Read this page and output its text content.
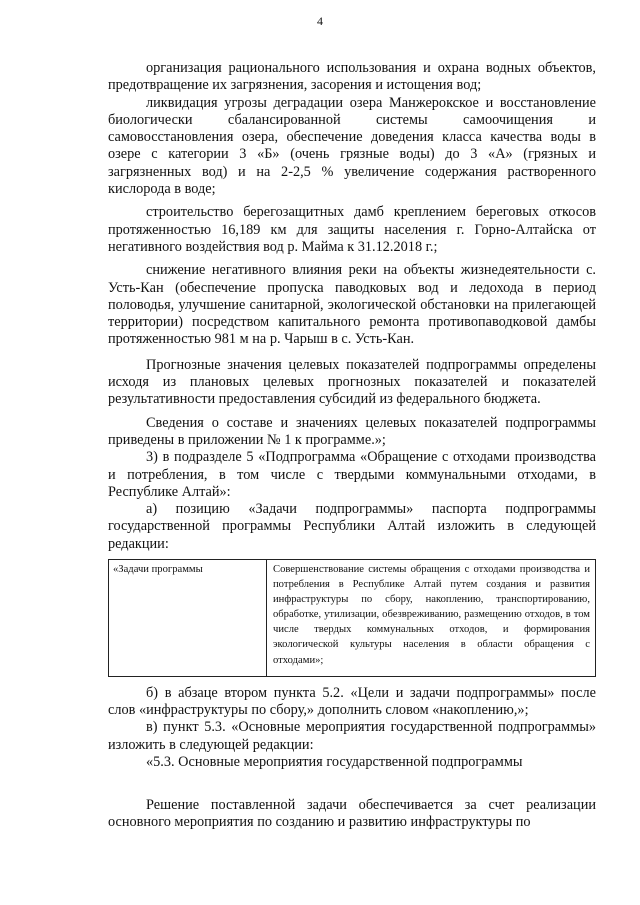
4

организация рационального использования и охрана водных объектов, предотвращение их загрязнения, засорения и истощения вод;

ликвидация угрозы деградации озера Манжерокское и восстановление биологически сбалансированной системы самоочищения и самовосстановления озера, обеспечение доведения класса качества воды в озере с категории 3 «Б» (очень грязные воды) до 3 «А» (грязных и загрязненных вод) и на 2-2,5 % увеличение содержания растворенного кислорода в воде;

строительство берегозащитных дамб креплением береговых откосов протяженностью 16,189 км для защиты населения г. Горно-Алтайска от негативного воздействия вод р. Майма к 31.12.2018 г.;

снижение негативного влияния реки на объекты жизнедеятельности с. Усть-Кан (обеспечение пропуска паводковых вод и ледохода в период половодья, улучшение санитарной, экологической обстановки на прилегающей территории) посредством капитального ремонта противопаводковой дамбы протяженностью 981 м на р. Чарыш в с. Усть-Кан.

Прогнозные значения целевых показателей подпрограммы определены исходя из плановых целевых прогнозных показателей и показателей результативности предоставления субсидий из федерального бюджета.

Сведения о составе и значениях целевых показателей подпрограммы приведены в приложении № 1 к программе.»;

3) в подразделе 5 «Подпрограмма «Обращение с отходами производства и потребления, в том числе с твердыми коммунальными отходами, в Республике Алтай»:

а) позицию «Задачи подпрограммы» паспорта подпрограммы государственной программы Республики Алтай изложить в следующей редакции:

«Задачи программы	Совершенствование системы обращения с отходами производства и потребления в Республике Алтай путем создания и развития инфраструктуры по сбору, накоплению, транспортированию, обработке, утилизации, обезвреживанию, размещению отходов, в том числе твердых коммунальных отходов, и формирования экологической культуры населения в области обращения с отходами»;

б) в абзаце втором пункта 5.2. «Цели и задачи подпрограммы» после слов «инфраструктуры по сбору,» дополнить словом «накоплению,»;

в) пункт 5.3. «Основные мероприятия государственной подпрограммы» изложить в следующей редакции:

«5.3. Основные мероприятия государственной подпрограммы

Решение поставленной задачи обеспечивается за счет реализации основного мероприятия по созданию и развитию инфраструктуры по
